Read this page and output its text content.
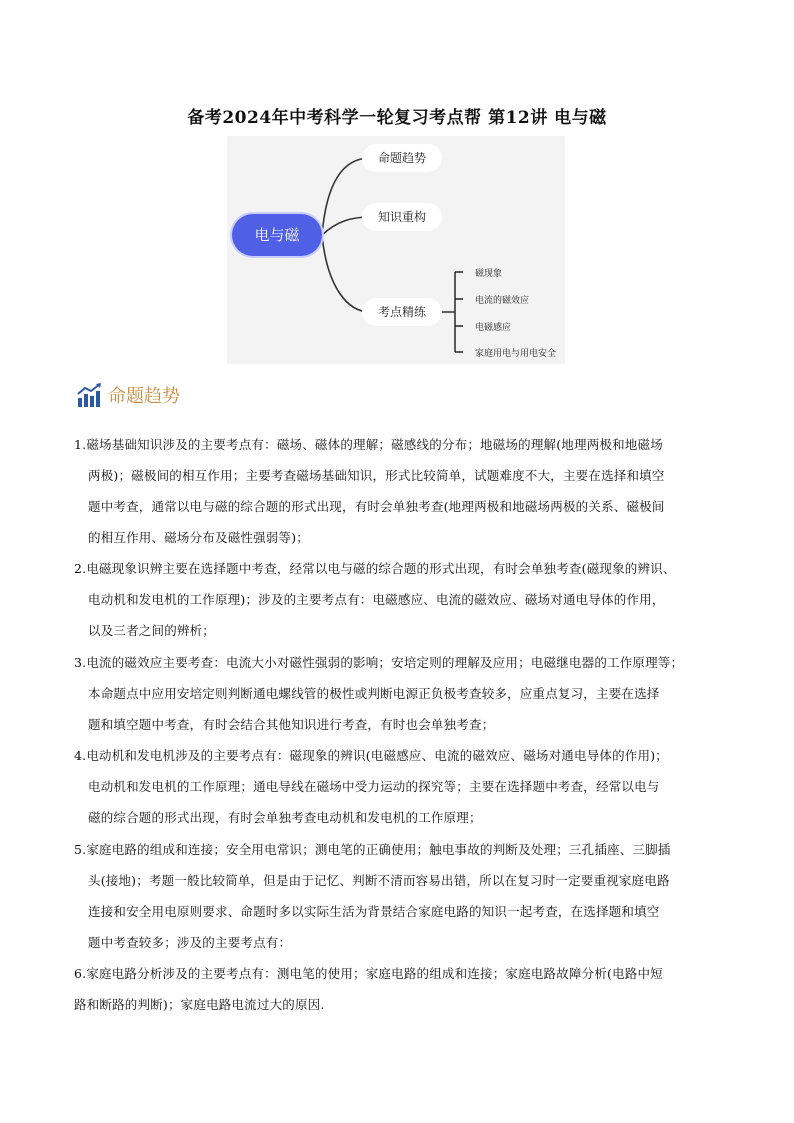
备考2024年中考科学一轮复习考点帮 第12讲 电与磁
电与磁
命题趋势
知识重构
考点精练
磁现象
电流的磁效应
电磁感应
家庭用电与用电安全
命题趋势
1.磁场基础知识涉及的主要考点有：磁场、磁体的理解；磁感线的分布；地磁场的理解(地理两极和地磁场
两极)；磁极间的相互作用；主要考查磁场基础知识，形式比较简单，试题难度不大，主要在选择和填空
题中考查，通常以电与磁的综合题的形式出现，有时会单独考查(地理两极和地磁场两极的关系、磁极间
的相互作用、磁场分布及磁性强弱等)；
2.电磁现象识辨主要在选择题中考查，经常以电与磁的综合题的形式出现，有时会单独考查(磁现象的辨识、
电动机和发电机的工作原理)；涉及的主要考点有：电磁感应、电流的磁效应、磁场对通电导体的作用，
以及三者之间的辨析；
3.电流的磁效应主要考查：电流大小对磁性强弱的影响；安培定则的理解及应用；电磁继电器的工作原理等；
本命题点中应用安培定则判断通电螺线管的极性或判断电源正负极考查较多，应重点复习，主要在选择
题和填空题中考查，有时会结合其他知识进行考查，有时也会单独考查；
4.电动机和发电机涉及的主要考点有：磁现象的辨识(电磁感应、电流的磁效应、磁场对通电导体的作用)；
电动机和发电机的工作原理；通电导线在磁场中受力运动的探究等；主要在选择题中考查，经常以电与
磁的综合题的形式出现，有时会单独考查电动机和发电机的工作原理；
5.家庭电路的组成和连接；安全用电常识；测电笔的正确使用；触电事故的判断及处理；三孔插座、三脚插
头(接地)；考题一般比较简单，但是由于记忆、判断不清而容易出错，所以在复习时一定要重视家庭电路
连接和安全用电原则要求、命题时多以实际生活为背景结合家庭电路的知识一起考查，在选择题和填空
题中考查较多；涉及的主要考点有：
6.家庭电路分析涉及的主要考点有：测电笔的使用；家庭电路的组成和连接；家庭电路故障分析(电路中短
路和断路的判断)；家庭电路电流过大的原因.
